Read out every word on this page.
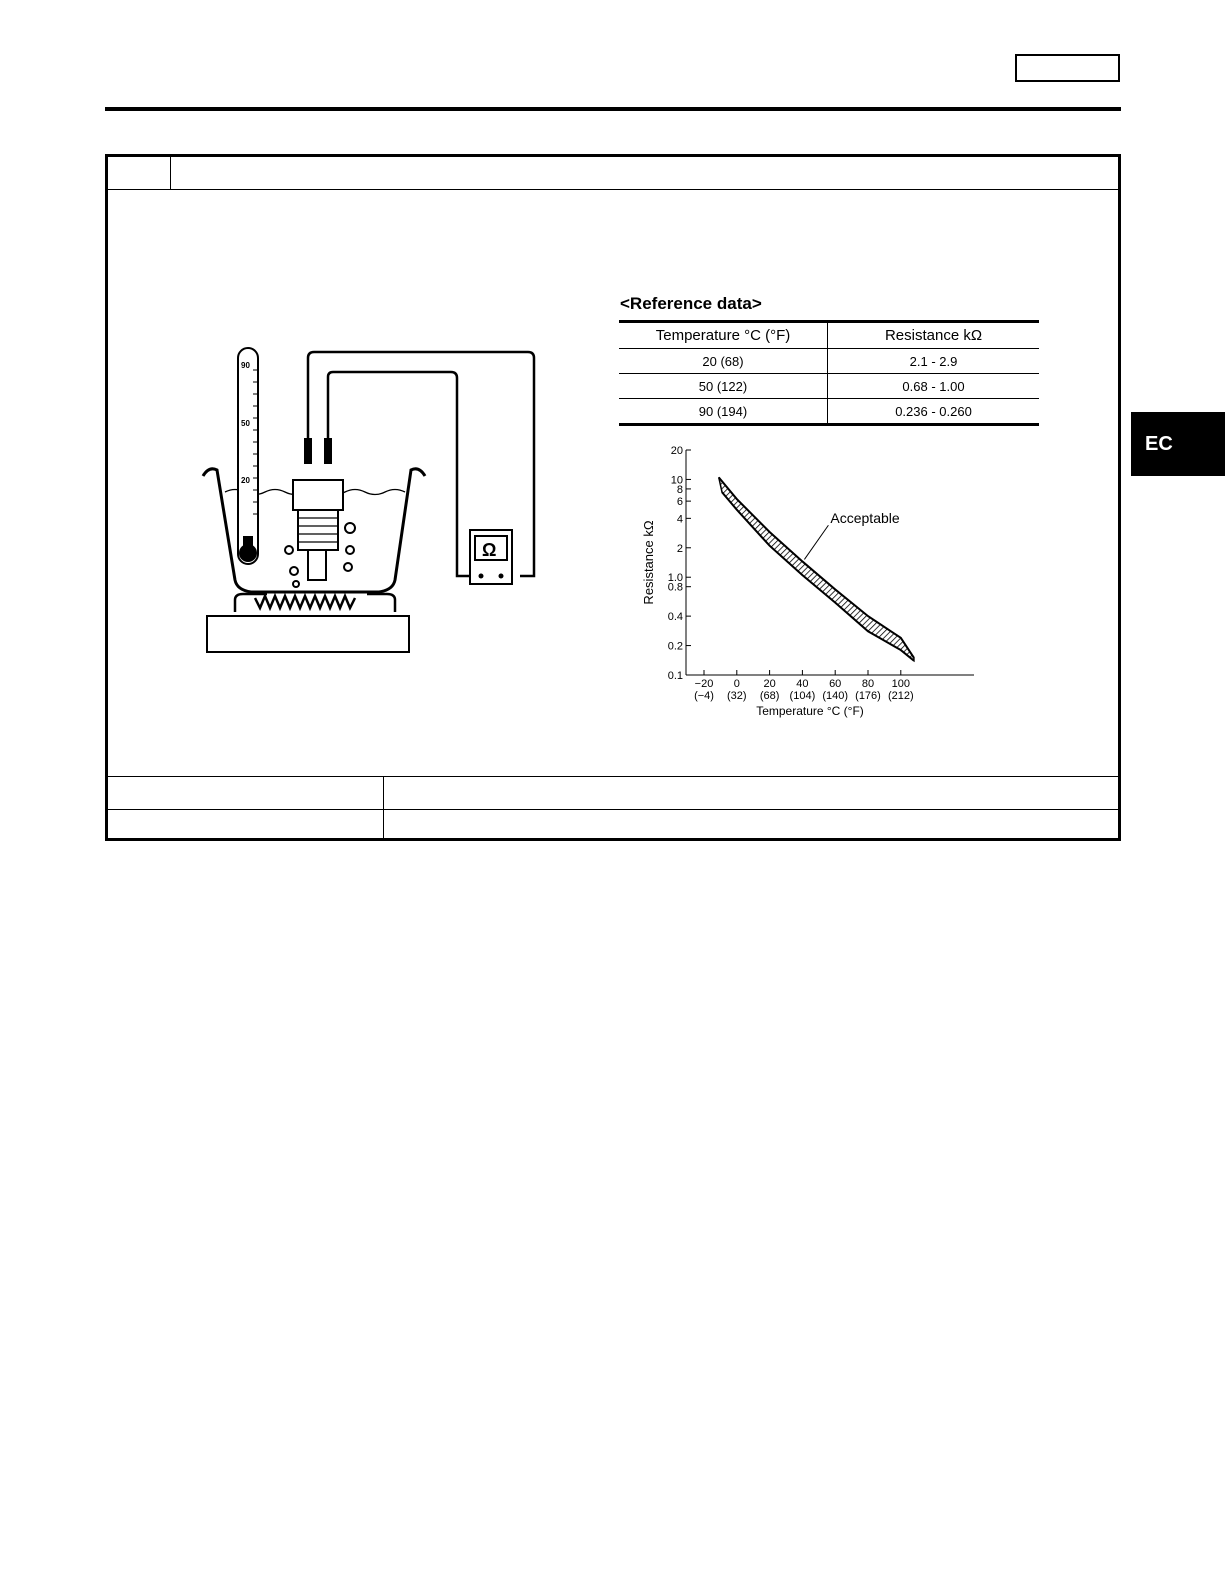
EC
90
50
20
Ω
<Reference data>
Temperature °C (°F)	Resistance kΩ
20 (68)	2.1 - 2.9
50 (122)	0.68 - 1.00
90 (194)	0.236 - 0.260
20
10
8
6
4
2
1.0
0.8
0.4
0.2
0.1
−20
(−4)
0
(32)
20
(68)
40
(104)
60
(140)
80
(176)
100
(212)
Temperature °C (°F)
Resistance kΩ
Acceptable
